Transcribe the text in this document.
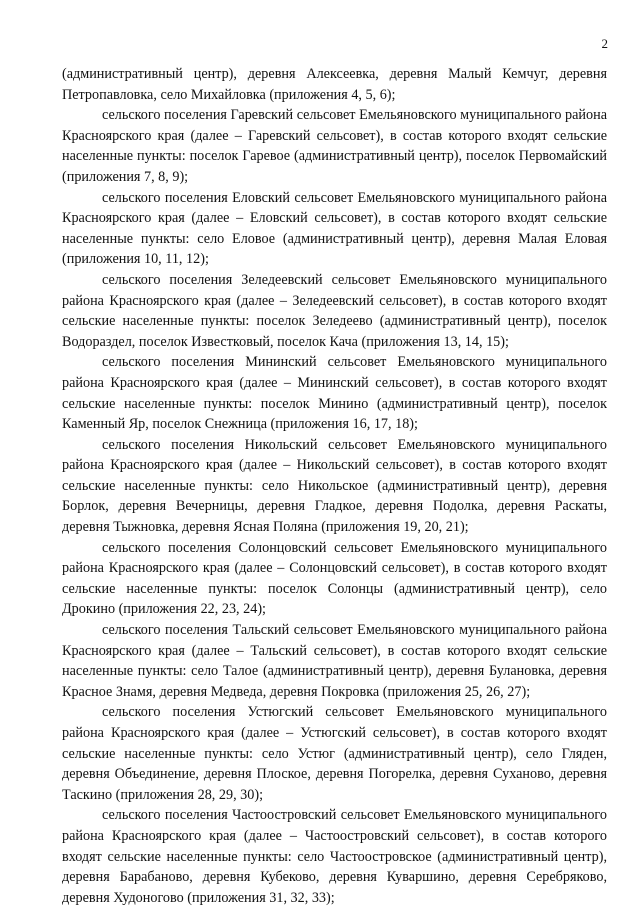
2

(административный центр), деревня Алексеевка, деревня Малый Кемчуг, деревня Петропавловка, село Михайловка (приложения 4, 5, 6);

сельского поселения Гаревский сельсовет Емельяновского муниципального района Красноярского края (далее – Гаревский сельсовет), в состав которого входят сельские населенные пункты: поселок Гаревое (административный центр), поселок Первомайский (приложения 7, 8, 9);

сельского поселения Еловский сельсовет Емельяновского муниципального района Красноярского края (далее – Еловский сельсовет), в состав которого входят сельские населенные пункты: село Еловое (административный центр), деревня Малая Еловая (приложения 10, 11, 12);

сельского поселения Зеледеевский сельсовет Емельяновского муниципального района Красноярского края (далее – Зеледеевский сельсовет), в состав которого входят сельские населенные пункты: поселок Зеледеево (административный центр), поселок Водораздел, поселок Известковый, поселок Кача (приложения 13, 14, 15);

сельского поселения Мининский сельсовет Емельяновского муниципального района Красноярского края (далее – Мининский сельсовет), в состав которого входят сельские населенные пункты: поселок Минино (административный центр), поселок Каменный Яр, поселок Снежница (приложения 16, 17, 18);

сельского поселения Никольский сельсовет Емельяновского муниципального района Красноярского края (далее – Никольский сельсовет), в состав которого входят сельские населенные пункты: село Никольское (административный центр), деревня Борлок, деревня Вечерницы, деревня Гладкое, деревня Подолка, деревня Раскаты, деревня Тыжновка, деревня Ясная Поляна (приложения 19, 20, 21);

сельского поселения Солонцовский сельсовет Емельяновского муниципального района Красноярского края (далее – Солонцовский сельсовет), в состав которого входят сельские населенные пункты: поселок Солонцы (административный центр), село Дрокино (приложения 22, 23, 24);

сельского поселения Тальский сельсовет Емельяновского муниципального района Красноярского края (далее – Тальский сельсовет), в состав которого входят сельские населенные пункты: село Талое (административный центр), деревня Булановка, деревня Красное Знамя, деревня Медведа, деревня Покровка (приложения 25, 26, 27);

сельского поселения Устюгский сельсовет Емельяновского муниципального района Красноярского края (далее – Устюгский сельсовет), в состав которого входят сельские населенные пункты: село Устюг (административный центр), село Гляден, деревня Объединение, деревня Плоское, деревня Погорелка, деревня Суханово, деревня Таскино (приложения 28, 29, 30);

сельского поселения Частоостровский сельсовет Емельяновского муниципального района Красноярского края (далее – Частоостровский сельсовет), в состав которого входят сельские населенные пункты: село Частоостровское (административный центр), деревня Барабаново, деревня Кубеково, деревня Куваршино, деревня Серебряково, деревня Худоногово (приложения 31, 32, 33);
